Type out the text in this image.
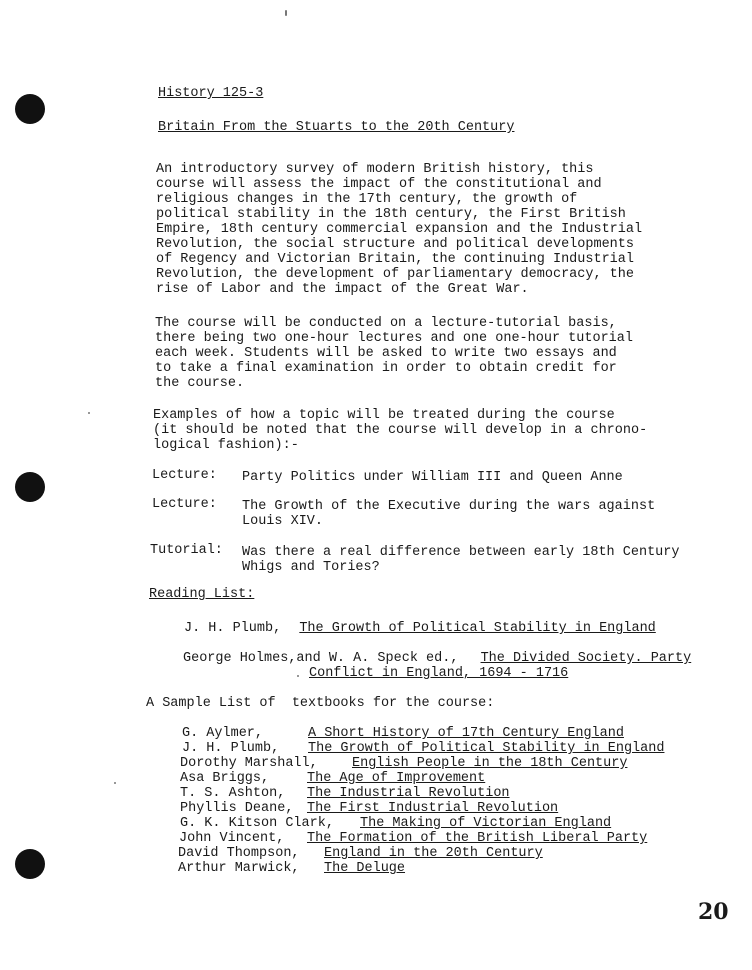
History 125-3
Britain From the Stuarts to the 20th Century
An introductory survey of modern British history, this
course will assess the impact of the constitutional and
religious changes in the 17th century, the growth of
political stability in the 18th century, the First British
Empire, 18th century commercial expansion and the Industrial
Revolution, the social structure and political developments
of Regency and Victorian Britain, the continuing Industrial
Revolution, the development of parliamentary democracy, the
rise of Labor and the impact of the Great War.
The course will be conducted on a lecture-tutorial basis,
there being two one-hour lectures and one one-hour tutorial
each week. Students will be asked to write two essays and
to take a final examination in order to obtain credit for
the course.
Examples of how a topic will be treated during the course
(it should be noted that the course will develop in a chrono-
logical fashion):-
Lecture: Party Politics under William III and Queen Anne
Lecture: The Growth of the Executive during the wars against
Louis XIV.
Tutorial: Was there a real difference between early 18th Century
Whigs and Tories?
Reading List:
J. H. Plumb, The Growth of Political Stability in England
George Holmes,and W. A. Speck ed., The Divided Society. Party
Conflict in England, 1694 - 1716
A Sample List of  textbooks for the course:
G. Aylmer,	A Short History of 17th Century England
J. H. Plumb, The Growth of Political Stability in England
Dorothy Marshall,	English People in the 18th Century
Asa Briggs,	The Age of Improvement
T. S. Ashton, The Industrial Revolution
Phyllis Deane, The First Industrial Revolution
G. K. Kitson Clark, The Making of Victorian England
John Vincent, The Formation of the British Liberal Party
David Thompson, England in the 20th Century
Arthur Marwick, The Deluge
20
